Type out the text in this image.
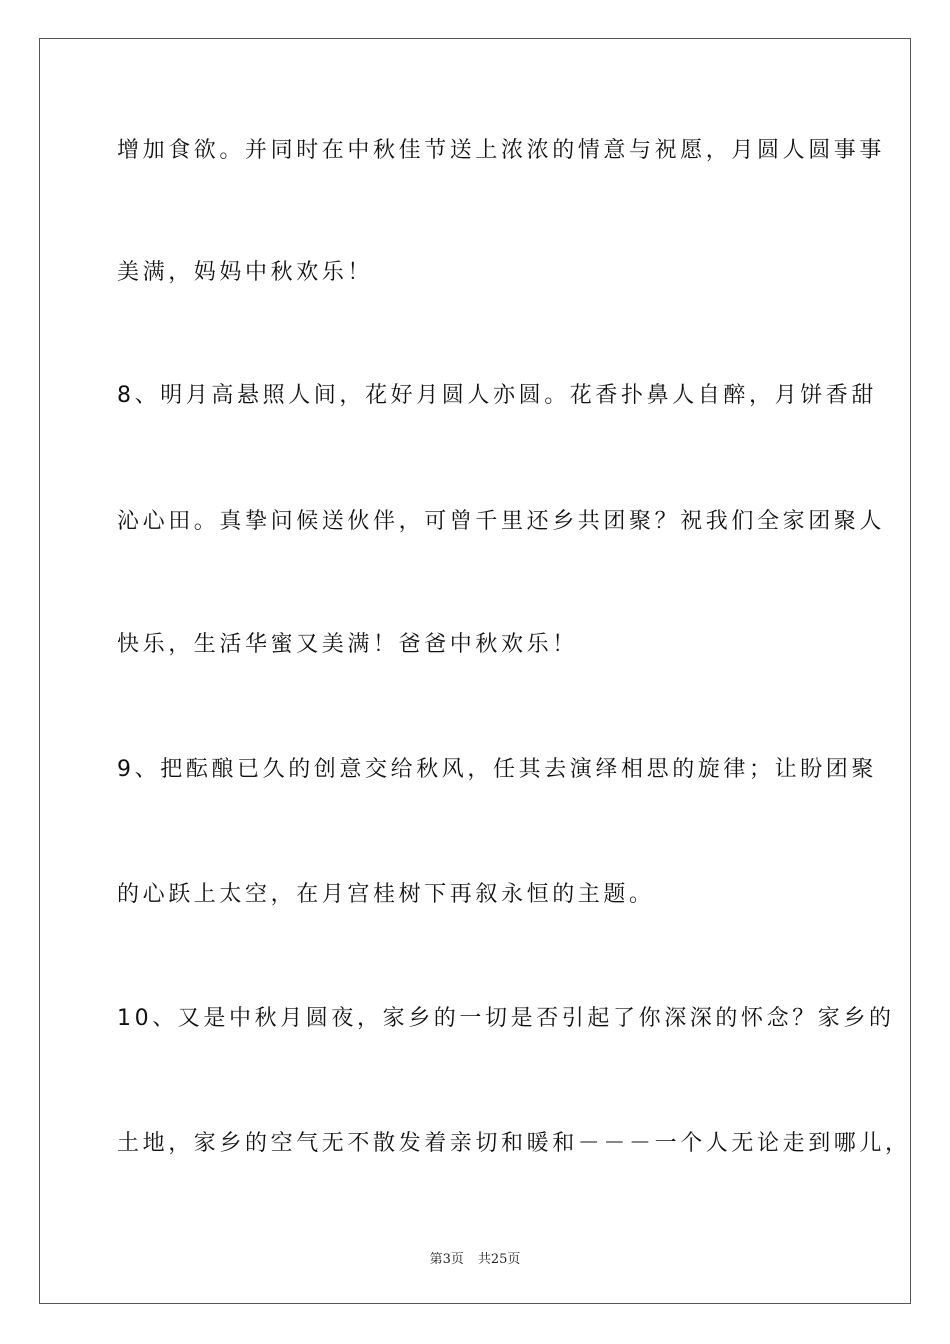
增加食欲。并同时在中秋佳节送上浓浓的情意与祝愿，月圆人圆事事
美满，妈妈中秋欢乐！
8、明月高悬照人间，花好月圆人亦圆。花香扑鼻人自醉，月饼香甜
沁心田。真挚问候送伙伴，可曾千里还乡共团聚？祝我们全家团聚人
快乐，生活华蜜又美满！爸爸中秋欢乐！
9、把酝酿已久的创意交给秋风，任其去演绎相思的旋律；让盼团聚
的心跃上太空，在月宫桂树下再叙永恒的主题。
10、又是中秋月圆夜，家乡的一切是否引起了你深深的怀念？家乡的
土地，家乡的空气无不散发着亲切和暖和－－－一个人无论走到哪儿，
第3页 共25页
